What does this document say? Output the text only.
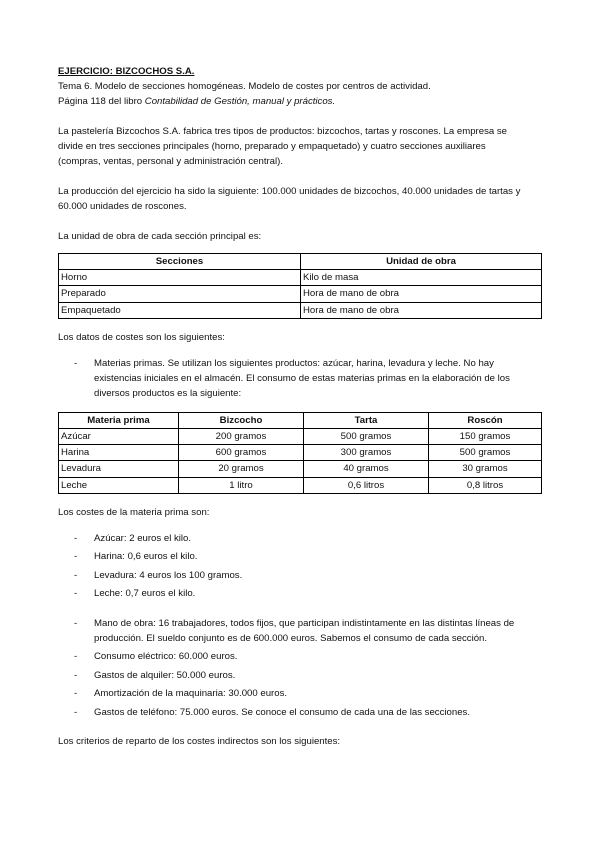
EJERCICIO: BIZCOCHOS S.A.

Tema 6. Modelo de secciones homogéneas. Modelo de costes por centros de actividad.

Página 118 del libro Contabilidad de Gestión, manual y prácticos.

La pastelería Bizcochos S.A. fabrica tres tipos de productos: bizcochos, tartas y roscones. La empresa se

divide en tres secciones principales (horno, preparado y empaquetado) y cuatro secciones auxiliares

(compras, ventas, personal y administración central).

La producción del ejercicio ha sido la siguiente: 100.000 unidades de bizcochos, 40.000 unidades de tartas y

60.000 unidades de roscones.

La unidad de obra de cada sección principal es:

Secciones	Unidad de obra
Horno	Kilo de masa
Preparado	Hora de mano de obra
Empaquetado	Hora de mano de obra

Los datos de costes son los siguientes:

- Materias primas. Se utilizan los siguientes productos: azúcar, harina, levadura y leche. No hay
existencias iniciales en el almacén. El consumo de estas materias primas en la elaboración de los
diversos productos es la siguiente:
Materia prima	Bizcocho	Tarta	Roscón
Azúcar	200 gramos	500 gramos	150 gramos
Harina	600 gramos	300 gramos	500 gramos
Levadura	20 gramos	40 gramos	30 gramos
Leche	1 litro	0,6 litros	0,8 litros

Los costes de la materia prima son:

- Azúcar: 2 euros el kilo.
- Harina: 0,6 euros el kilo.
- Levadura: 4 euros los 100 gramos.
- Leche: 0,7 euros el kilo.
- Mano de obra: 16 trabajadores, todos fijos, que participan indistintamente en las distintas líneas de
producción. El sueldo conjunto es de 600.000 euros. Sabemos el consumo de cada sección.
- Consumo eléctrico: 60.000 euros.
- Gastos de alquiler: 50.000 euros.
- Amortización de la maquinaria: 30.000 euros.
- Gastos de teléfono: 75.000 euros. Se conoce el consumo de cada una de las secciones.

Los criterios de reparto de los costes indirectos son los siguientes:
